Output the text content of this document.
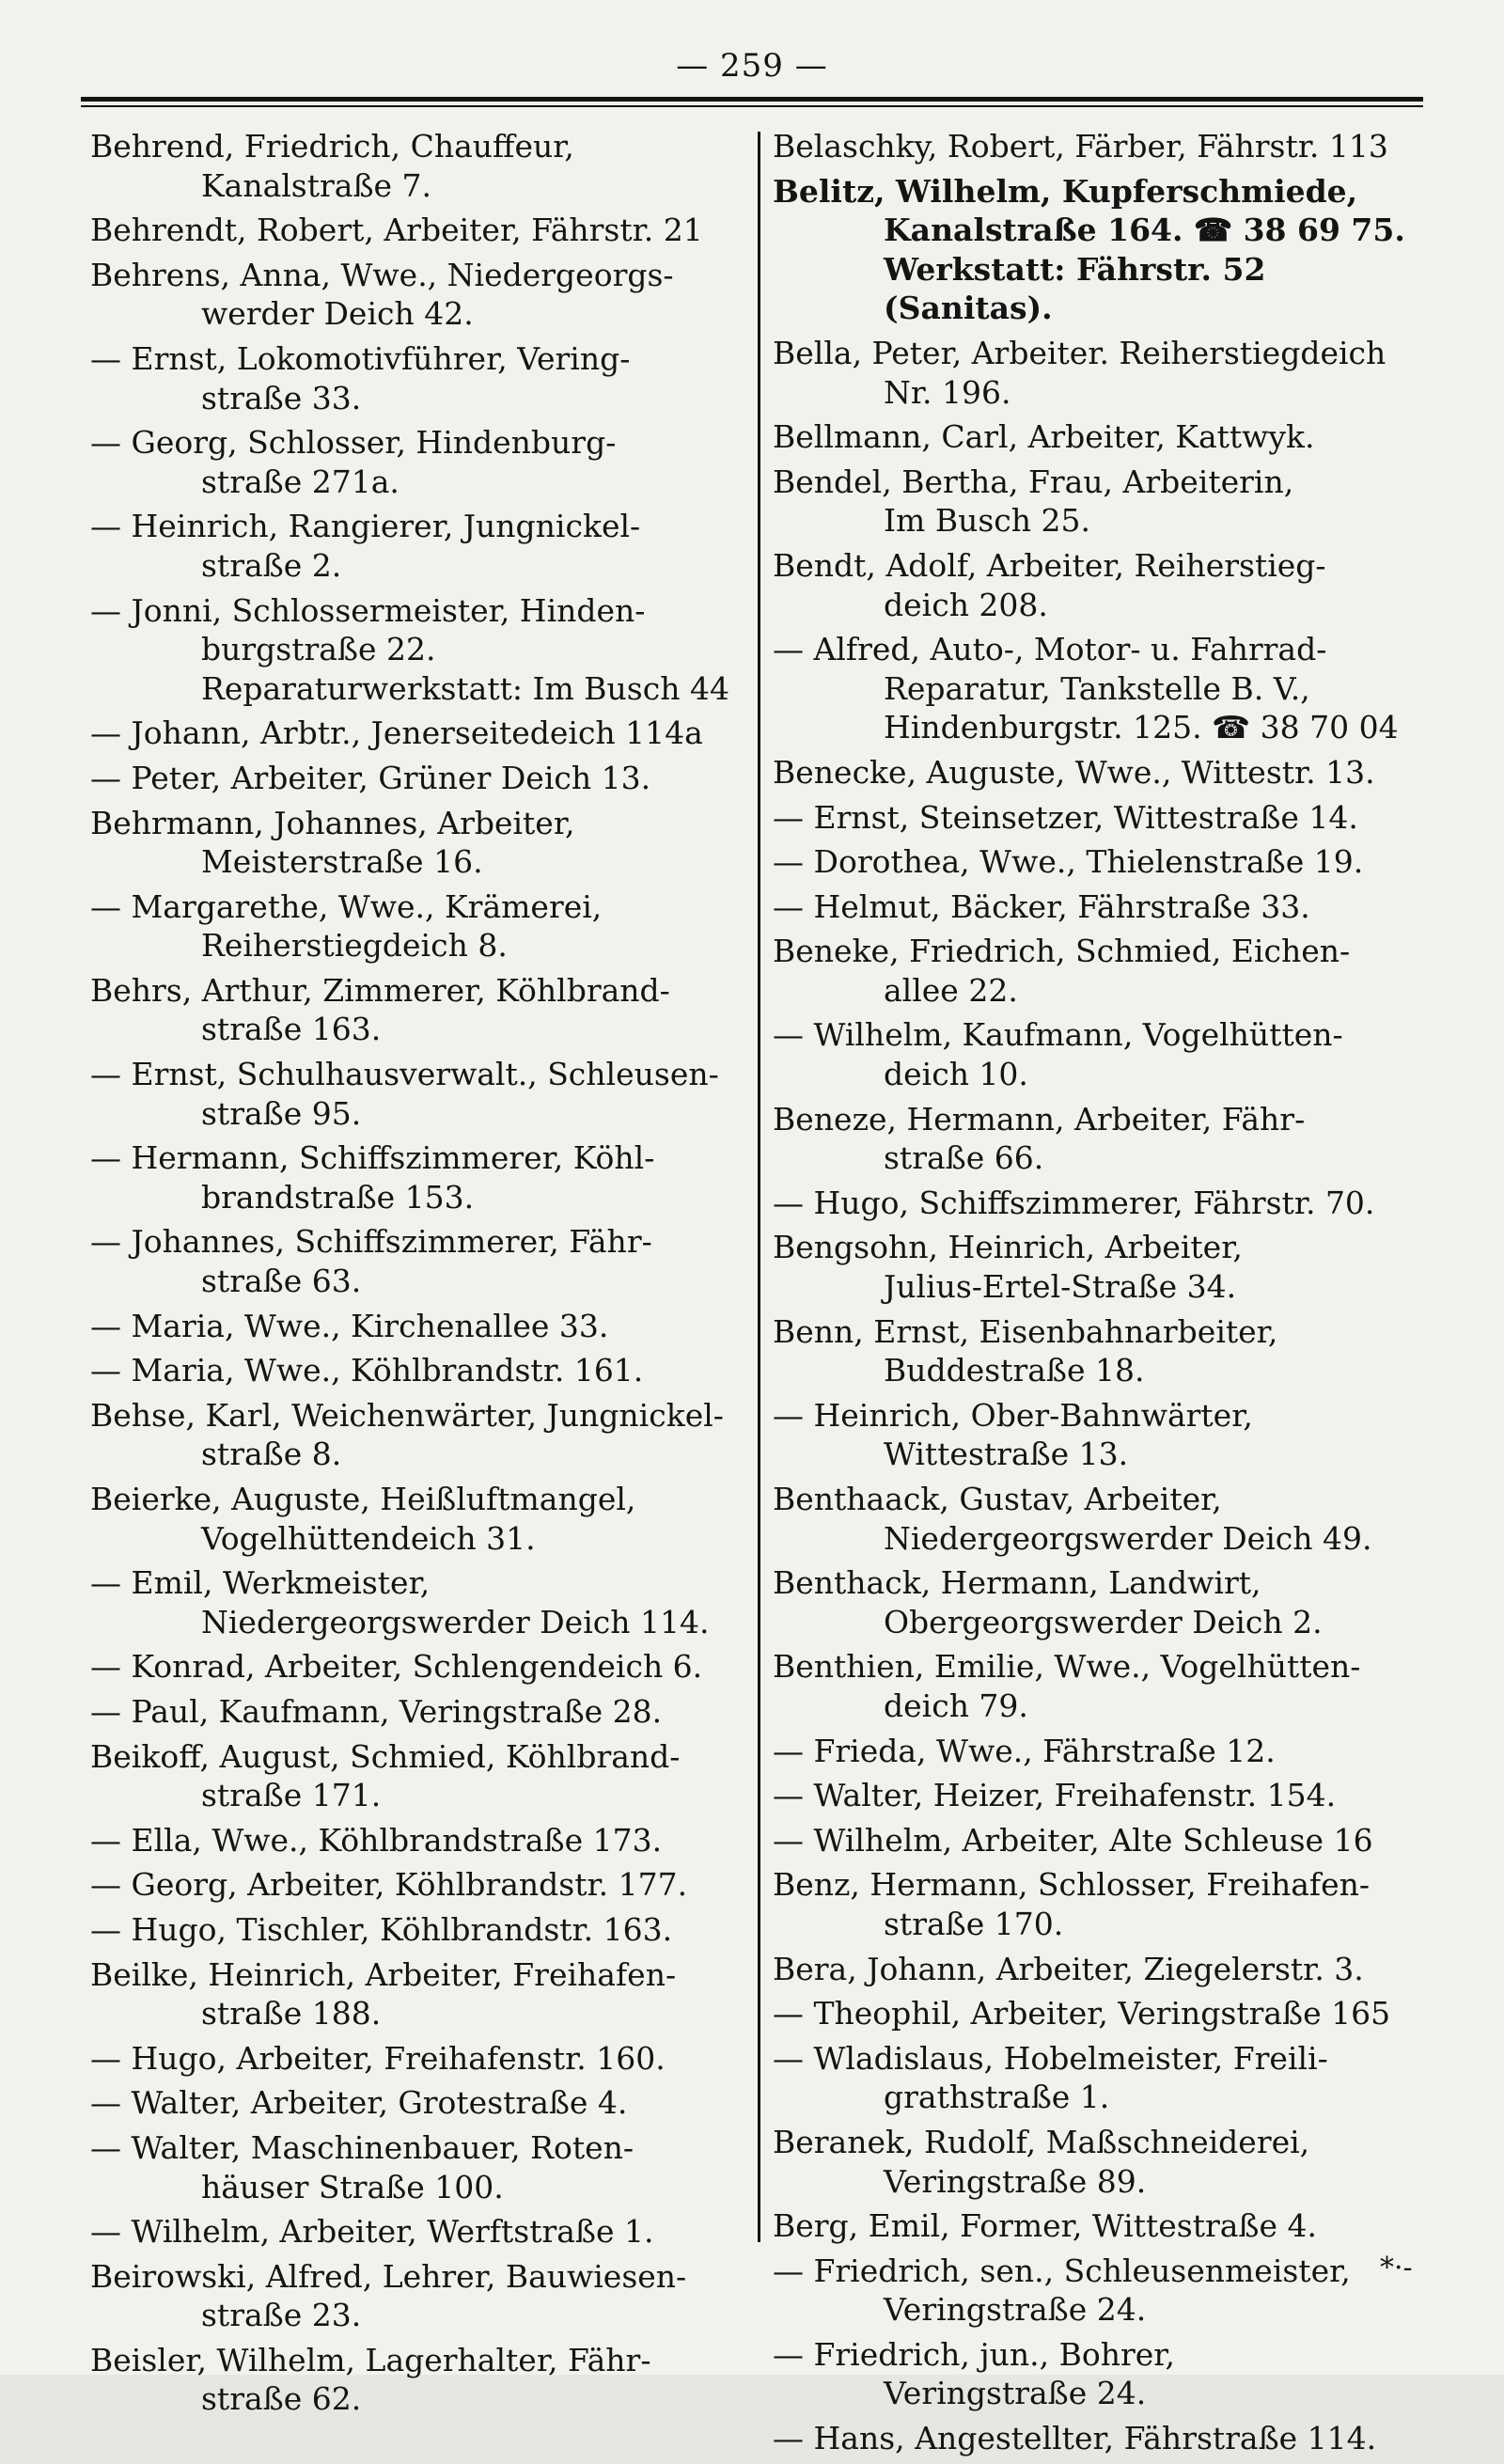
— 259 —
Behrend, Friedrich, Chauffeur,
Kanalstraße 7.
Behrendt, Robert, Arbeiter, Fährstr. 21
Behrens, Anna, Wwe., Niedergeorgs-
werder Deich 42.
— Ernst, Lokomotivführer, Vering-
straße 33.
— Georg, Schlosser, Hindenburg-
straße 271a.
— Heinrich, Rangierer, Jungnickel-
straße 2.
— Jonni, Schlossermeister, Hinden-
burgstraße 22.
Reparaturwerkstatt: Im Busch 44
— Johann, Arbtr., Jenerseitedeich 114a
— Peter, Arbeiter, Grüner Deich 13.
Behrmann, Johannes, Arbeiter,
Meisterstraße 16.
— Margarethe, Wwe., Krämerei,
Reiherstiegdeich 8.
Behrs, Arthur, Zimmerer, Köhlbrand-
straße 163.
— Ernst, Schulhausverwalt., Schleusen-
straße 95.
— Hermann, Schiffszimmerer, Köhl-
brandstraße 153.
— Johannes, Schiffszimmerer, Fähr-
straße 63.
— Maria, Wwe., Kirchenallee 33.
— Maria, Wwe., Köhlbrandstr. 161.
Behse, Karl, Weichenwärter, Jungnickel-
straße 8.
Beierke, Auguste, Heißluftmangel,
Vogelhüttendeich 31.
— Emil, Werkmeister,
Niedergeorgswerder Deich 114.
— Konrad, Arbeiter, Schlengendeich 6.
— Paul, Kaufmann, Veringstraße 28.
Beikoff, August, Schmied, Köhlbrand-
straße 171.
— Ella, Wwe., Köhlbrandstraße 173.
— Georg, Arbeiter, Köhlbrandstr. 177.
— Hugo, Tischler, Köhlbrandstr. 163.
Beilke, Heinrich, Arbeiter, Freihafen-
straße 188.
— Hugo, Arbeiter, Freihafenstr. 160.
— Walter, Arbeiter, Grotestraße 4.
— Walter, Maschinenbauer, Roten-
häuser Straße 100.
— Wilhelm, Arbeiter, Werftstraße 1.
Beirowski, Alfred, Lehrer, Bauwiesen-
straße 23.
Beisler, Wilhelm, Lagerhalter, Fähr-
straße 62.
Belaschky, Robert, Färber, Fährstr. 113
Belitz, Wilhelm, Kupferschmiede,
Kanalstraße 164. ☎ 38 69 75.
Werkstatt: Fährstr. 52 (Sanitas).
Bella, Peter, Arbeiter. Reiherstiegdeich
Nr. 196.
Bellmann, Carl, Arbeiter, Kattwyk.
Bendel, Bertha, Frau, Arbeiterin,
Im Busch 25.
Bendt, Adolf, Arbeiter, Reiherstieg-
deich 208.
— Alfred, Auto-, Motor- u. Fahrrad-
Reparatur, Tankstelle B. V.,
Hindenburgstr. 125. ☎ 38 70 04
Benecke, Auguste, Wwe., Wittestr. 13.
— Ernst, Steinsetzer, Wittestraße 14.
— Dorothea, Wwe., Thielenstraße 19.
— Helmut, Bäcker, Fährstraße 33.
Beneke, Friedrich, Schmied, Eichen-
allee 22.
— Wilhelm, Kaufmann, Vogelhütten-
deich 10.
Beneze, Hermann, Arbeiter, Fähr-
straße 66.
— Hugo, Schiffszimmerer, Fährstr. 70.
Bengsohn, Heinrich, Arbeiter,
Julius-Ertel-Straße 34.
Benn, Ernst, Eisenbahnarbeiter,
Buddestraße 18.
— Heinrich, Ober-Bahnwärter,
Wittestraße 13.
Benthaack, Gustav, Arbeiter,
Niedergeorgswerder Deich 49.
Benthack, Hermann, Landwirt,
Obergeorgswerder Deich 2.
Benthien, Emilie, Wwe., Vogelhütten-
deich 79.
— Frieda, Wwe., Fährstraße 12.
— Walter, Heizer, Freihafenstr. 154.
— Wilhelm, Arbeiter, Alte Schleuse 16
Benz, Hermann, Schlosser, Freihafen-
straße 170.
Bera, Johann, Arbeiter, Ziegelerstr. 3.
— Theophil, Arbeiter, Veringstraße 165
— Wladislaus, Hobelmeister, Freili-
grathstraße 1.
Beranek, Rudolf, Maßschneiderei,
Veringstraße 89.
Berg, Emil, Former, Wittestraße 4.
— Friedrich, sen., Schleusenmeister,
Veringstraße 24.
— Friedrich, jun., Bohrer,
Veringstraße 24.
— Hans, Angestellter, Fährstraße 114.
*·-
